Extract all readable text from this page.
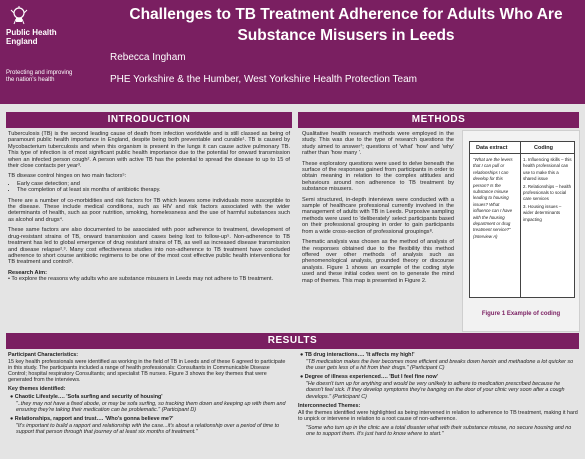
Public Health
England
Protecting and improving
the nation's health
Challenges to TB Treatment Adherence for Adults Who Are Substance Misusers in Leeds
Rebecca Ingham
PHE Yorkshire & the Humber, West Yorkshire Health Protection Team
INTRODUCTION

Tuberculosis (TB) is the second leading cause of death from infection worldwide and is still classed as being of paramount public health importance in England, despite being both preventable and curable¹. TB is caused by Mycobacterium tuberculosis and when this organism is present in the lungs it can cause active pulmonary TB. This type of infection is of most significant public health importance due to the potential for onward transmission when an infected person cough². A person with active TB has the potential to spread the disease to up to 15 of their close contacts per year³.

TB disease control hinges on two main factors⁵:

• Early case detection; and
• The completion of at least six months of antibiotic therapy.

There are a number of co-morbidities and risk factors for TB which leaves some individuals more susceptible to the disease. These include medical conditions, such as HIV and risk factors associated with the wider determinants of health, such as poor nutrition, smoking, homelessness and the use of harmful substances such as alcohol and drugs⁴.

These same factors are also documented to be associated with poor adherence to treatment, development of drug-resistant strains of TB, onward transmission and cases being lost to follow-up⁵. Non-adherence to TB treatment has led to global emergence of drug resistant strains of TB, as well as increased disease transmission and disease relapse².³. Many cost effectiveness studies into non-adherence to TB treatment have concluded adherence to short course antibiotic regimens to be one of the most cost effective public health interventions for TB treatment and control⁶.

Research Aim:

• To explore the reasons why adults who are substance misusers in Leeds may not adhere to TB treatment.

METHODS

Qualitative health research methods were employed in the study. This was due to the type of research questions the study aimed to answer⁷; questions of 'what' 'how' and 'why' rather than 'how many '.

These exploratory questions were used to delve beneath the surface of the responses gained from participants in order to obtain meaning in relation to the complex attitudes and behaviours around non adherence to TB treatment by substance misusers.

Semi structured, in-depth interviews were conducted with a sample of healthcare professional currently involved in the management of adults with TB in Leeds. Purposive sampling methods were used to 'deliberately' select participants based on their professional grouping in order to gain participants from a wide cross-section of professional groupings⁸.

Thematic analysis was chosen as the method of analysis of the responses obtained due to the flexibility this method offered over other methods of analysis such as phenomenological analysis, grounded theory or discourse analysis. Figure 1 shows an example of the coding style used and these initial codes went on to generate the mind map of themes. This map is presented in Figure 2.

Data extract	Coding
"What are the levers that I can pull or relationships I can develop for this person? Is the substance misuse leading to housing issues? What influence can I have with the housing department or drug treatment service?" (Interview A)
1. Influencing skills – this health professional can use to make this a shared issue
2. Relationships – health professionals to social care services
3. Housing issues – wider determinants impacting
Figure 1 Example of coding
RESULTS

Participant Characteristics:

15 key health professionals were identified as working in the field of TB in Leeds and of these 6 agreed to participate in this study. The participants included a range of health professionals: Consultants in Communicable Disease Control; hospital respiratory Consultants; and specialist TB nurses. Figure 3 shows the key themes that were generated from the interviews.

Key themes identified:

● Chaotic Lifestyle…. 'Sofa surfing and security of housing'

"..they may not have a fixed abode, or may be sofa surfing, so tracking them down and keeping up with them and ensuring they're taking their medication can be problematic." (Participant D)

● Relationships, rapport and trust…. 'Who's gonna believe me?'

"It's important to build a rapport and relationship with the case...it's about a relationship over a period of time to support that person through that journey of at least six months of treatment."

● TB drug interactions…. 'It affects my high!'

"TB medication makes the liver becomes more efficient and breaks down heroin and methadone a lot quicker so the user gets less of a hit from their drugs." (Participant C)

● Degree of illness experienced…. 'But I feel fine now'

"He doesn't turn up for anything and would be very unlikely to adhere to medication prescribed because he doesn't feel sick. If they develop symptoms they're banging on the door of your clinic very soon after a cough develops." (Participant C)

Interconnected Themes:

All the themes identified were highlighted as being intervened in relation to adherence to TB treatment, making it hard to unpick or intervene in relation to a root cause of non-adherence.

"Some who turn up in the clinic are a total disaster what with their substance misuse, no secure housing and no one to support them. It's just hard to know where to start."
